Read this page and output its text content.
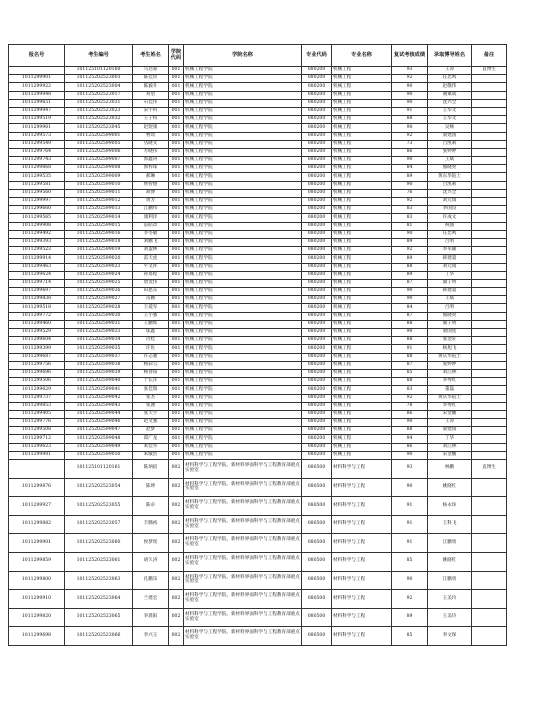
报名号	考生编号	考生姓名	学院代码	学院名称	专业代码	专业名称	复试考核成绩	录取博导姓名	备注
	101125101120160	马达豪	001	机械工程学院	080200	机械工程	93	王涛	直博生
1011299901	101125202523003	陈佳钊	001	机械工程学院	080200	机械工程	92	任忠鸣	
1011299922	101125202523004	陈毅升	001	机械工程学院	080200	机械工程	90	赵敬伟	
1011299948	101125202523017	刘望	001	机械工程学院	080200	机械工程	90	谢素成	
1011299651	101125202523031	石佳伟	001	机械工程学院	080200	机械工程	90	沈兴全	
1011299947	101125202523023	宋宇科	001	机械工程学院	080200	机械工程	91	王华文	
1011299519	101125202523032	王子权	001	机械工程学院	080200	机械工程	88	王华文	
1011299961	101125202523045	赵煜康	001	机械工程学院	080200	机械工程	90	吴畅	
1011299573	101125202599001	曹琦	001	机械工程学院	080200	机械工程	92	梁建国	
1011299549	101125202599005	丛晓文	001	机械工程学院	080200	机械工程	73	吕凯莉	
1011299764	101125202599006	方晓伟	001	机械工程学院	080200	机械工程	86	张婷婷	
1011299743	101125202599007	郭鑫涛	001	机械工程学院	080200	机械工程	90	王斌	
1011299868	101125202599008	郭梓琛	001	机械工程学院	080200	机械工程	84	熊晓亮	
1011299535	101125202599009	郝琳	001	机械工程学院	080200	机械工程	89	黄东华院士	
1011299581	101125202599010	侯智德	001	机械工程学院	080200	机械工程	90	吕凯莉	
1011299560	101125202599011	胡博	001	机械工程学院	080200	机械工程	76	沈兴全	
1011299997	101125202599012	黄芳	001	机械工程学院	080200	机械工程	92	刘元瑞	
1011299660	101125202599013	江鹏伟	001	机械工程学院	080200	机械工程	83	李国良	
1011299565	101125202599014	康利洋	001	机械工程学院	080200	机械工程	83	许成文	
1011299908	101125202599015	雷皓章	001	机械工程学院	080200	机械工程	81	祝强	
1011299492	101125202599016	李冬敏	001	机械工程学院	080200	机械工程	90	任忠鸣	
1011299393	101125202599018	刘鹏飞	001	机械工程学院	080200	机械工程	89	吕明	
1011299523	101125202599019	刘盈林	001	机械工程学院	080200	机械工程	92	李军颖	
1011299914	101125202599020	雷天虎	001	机械工程学院	080200	机械工程	89	韩建超	
1011299463	101125202599023	牛文祥	001	机械工程学院	080200	机械工程	88	刘元瑞	
1011299624	101125202599024	孙易程	001	机械工程学院	080200	机械工程	89	丁华	
1011299714	101125202599025	唐龙伟	001	机械工程学院	080200	机械工程	87	冀子明	
1011299697	101125202599026	田思东	001	机械工程学院	080200	机械工程	90	韩建超	
1011299838	101125202599027	苗圃	001	机械工程学院	080200	机械工程	90	王斌	
1011299518	101125202599028	王爱军	001	机械工程学院	080200	机械工程	84	吕明	
1011299772	101125202599030	王小强	001	机械工程学院	080200	机械工程	87	熊晓亮	
1011299460	101125202599031	王鹏辉	001	机械工程学院	080200	机械工程	88	冀子明	
1011299529	101125202599033	邬鑫	001	机械工程学院	080200	机械工程	90	梁国星	
1011299604	101125202599034	肖桂	001	机械工程学院	080200	机械工程	88	张金轩	
1011299399	101125202599035	许佐	001	机械工程学院	080200	机械工程	91	杨旭飞	
1011299687	101125202599037	许志强	001	机械工程学院	080200	机械工程	88	黄庆华院士	
1011299756	101125202599038	杨彩云	001	机械工程学院	080200	机械工程	87	张婷婷	
1011299696	101125202599039	杨春雨	001	机械工程学院	080200	机械工程	85	刘江林	
1011299506	101125202599040	于长洋	001	机械工程学院	080200	机械工程	88	李秀红	
1011299629	101125202599041	张佳瑞	001	机械工程学院	080200	机械工程	83	董磊	
1011299737	101125202599042	张杰	001	机械工程学院	080200	机械工程	92	黄庆华院士	
1011299853	101125202599043	张涵	001	机械工程学院	080200	机械工程	78	李秀红	
1011299405	101125202599044	张天宇	001	机械工程学院	080200	机械工程	86	宋金鹏	
1011299776	101125202599046	赵文强	001	机械工程学院	080200	机械工程	90	王涛	
1011299508	101125202599047	赵梦	001	机械工程学院	080200	机械工程	88	梁建国	
1011299712	101125202599048	郑广龙	001	机械工程学院	080200	机械工程	94	丁华	
1011299623	101125202599049	朱佳华	001	机械工程学院	080200	机械工程	86	刘江林	
1011299981	101125202599050	朱敏浩	001	机械工程学院	080200	机械工程	90	宋金鹏	
	101125101120161	陈炳宿	002	材料科学与工程学院、新材料界面科学与工程教育部重点实验室	080500	材料科学与工程	93	林鹏	直博生
1011299876	101125202523054	陈珅	002	材料科学与工程学院、新材料界面科学与工程教育部重点实验室	080500	材料科学与工程	90	姚晓红	
1011299927	101125202523055	陈卓	002	材料科学与工程学院、新材料界面科学与工程教育部重点实验室	080500	材料科学与工程	91	杨永珍	
1011299882	101125202523057	丰腾裕	002	材料科学与工程学院、新材料界面科学与工程教育部重点实验室	080500	材料科学与工程	91	王科飞	
1011299901	101125202523060	侯梦瑶	002	材料科学与工程学院、新材料界面科学与工程教育部重点实验室	080500	材料科学与工程	91	江鹏勇	
1011299859	101125202523061	胡久涛	002	材料科学与工程学院、新材料界面科学与工程教育部重点实验室	080500	材料科学与工程	85	姚晓红	
1011299800	101125202523063	孔鹏乐	002	材料科学与工程学院、新材料界面科学与工程教育部重点实验室	080500	材料科学与工程	90	江鹏勇	
1011299910	101125202523064	兰建宏	002	材料科学与工程学院、新材料界面科学与工程教育部重点实验室	080500	材料科学与工程	92	王美玲	
1011299820	101125202523065	李晨阳	002	材料科学与工程学院、新材料界面科学与工程教育部重点实验室	080500	材料科学与工程	89	王美玲	
1011299698	101125202523066	李兴玉	002	材料科学与工程学院、新材料界面科学与工程教育部重点实验室	080500	材料科学与工程	85	李文保	
